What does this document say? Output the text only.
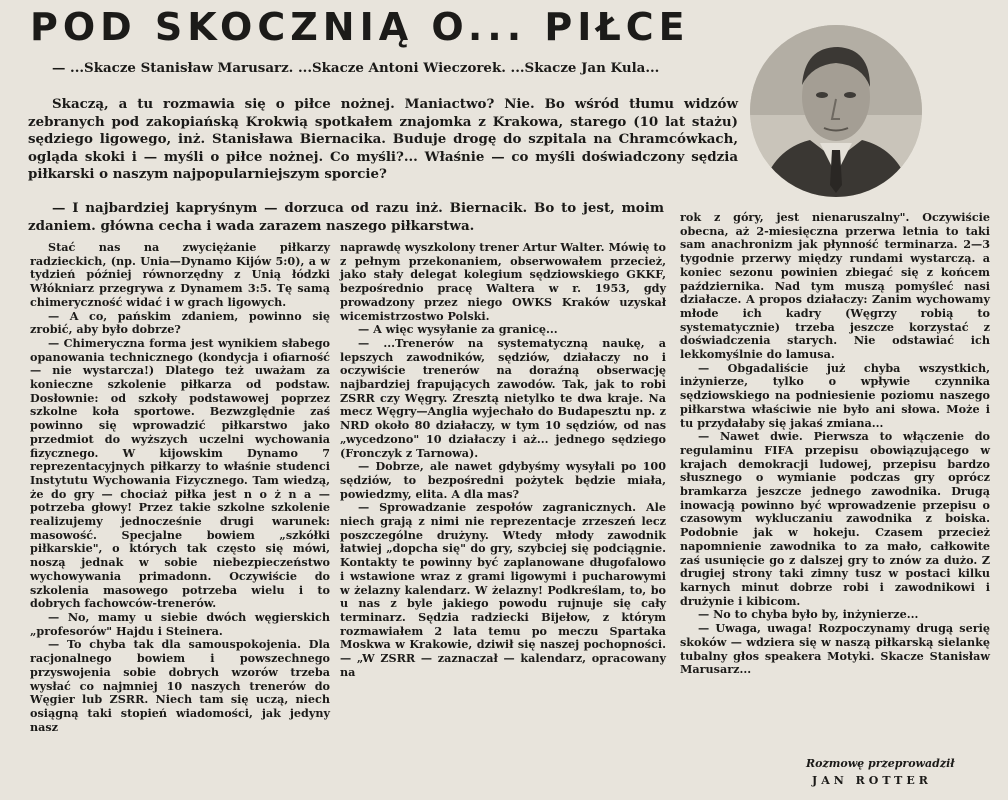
POD SKOCZNIĄ O... PIŁCE

— ...Skacze Stanisław Marusarz. ...Skacze Antoni Wieczorek. ...Skacze Jan Kula...

Skaczą, a tu rozmawia się o piłce nożnej. Maniactwo? Nie. Bo wśród tłumu widzów zebranych pod zakopiańską Krokwią spotkałem znajomka z Krakowa, starego (10 lat stażu) sędziego ligowego, inż. Stanisława Biernacika. Buduje drogę do szpitala na Chramcówkach, ogląda skoki i — myśli o piłce nożnej. Co myśli?... Właśnie — co myśli doświadczony sędzia piłkarski o naszym najpopularniejszym sporcie?

— I najbardziej kapryśnym — dorzuca od razu inż. Biernacik. Bo to jest, moim zdaniem. główna cecha i wada zarazem naszego piłkarstwa.

Stać nas na zwyciężanie piłkarzy radzieckich, (np. Unia—Dynamo Kijów 5:0), a w tydzień później równorzędny z Unią łódzki Włókniarz przegrywa z Dynamem 3:5. Tę samą chimeryczność widać i w grach ligowych.

— A co, pańskim zdaniem, powinno się zrobić, aby było dobrze?

— Chimeryczna forma jest wynikiem słabego opanowania technicznego (kondycja i ofiarność — nie wystarcza!) Dlatego też uważam za konieczne szkolenie piłkarza od podstaw. Dosłownie: od szkoły podstawowej poprzez szkolne koła sportowe. Bezwzględnie zaś powinno się wprowadzić piłkarstwo jako przedmiot do wyższych uczelni wychowania fizycznego. W kijowskim Dynamo 7 reprezentacyjnych piłkarzy to właśnie studenci Instytutu Wychowania Fizycznego. Tam wiedzą, że do gry — chociaż piłka jest n o ż n a — potrzeba głowy! Przez takie szkolne szkolenie realizujemy jednocześnie drugi warunek: masowość. Specjalne bowiem „szkółki piłkarskie", o których tak często się mówi, noszą jednak w sobie niebezpieczeństwo wychowywania primadonn. Oczywiście do szkolenia masowego potrzeba wielu i to dobrych fachowców-trenerów.

— No, mamy u siebie dwóch węgierskich „profesorów" Hajdu i Steinera.

— To chyba tak dla samouspokojenia. Dla racjonalnego bowiem i powszechnego przyswojenia sobie dobrych wzorów trzeba wysłać co najmniej 10 naszych trenerów do Węgier lub ZSRR. Niech tam się uczą, niech osiągną taki stopień wiadomości, jak jedyny nasz

naprawdę wyszkolony trener Artur Walter. Mówię to z pełnym przekonaniem, obserwowałem przecież, jako stały delegat kolegium sędziowskiego GKKF, bezpośrednio pracę Waltera w r. 1953, gdy prowadzony przez niego OWKS Kraków uzyskał wicemistrzostwo Polski.

— A więc wysyłanie za granicę...

— ...Trenerów na systematyczną naukę, a lepszych zawodników, sędziów, działaczy no i oczywiście trenerów na doraźną obserwację najbardziej frapujących zawodów. Tak, jak to robi ZSRR czy Węgry. Zresztą nietylko te dwa kraje. Na mecz Węgry—Anglia wyjechało do Budapesztu np. z NRD około 80 działaczy, w tym 10 sędziów, od nas „wycedzono" 10 działaczy i aż... jednego sędziego (Fronczyk z Tarnowa).

— Dobrze, ale nawet gdybyśmy wysyłali po 100 sędziów, to bezpośredni pożytek będzie miała, powiedzmy, elita. A dla mas?

— Sprowadzanie zespołów zagranicznych. Ale niech grają z nimi nie reprezentacje zrzeszeń lecz poszczególne drużyny. Wtedy młody zawodnik łatwiej „dopcha się" do gry, szybciej się podciągnie. Kontakty te powinny być zaplanowane długofalowo i wstawione wraz z grami ligowymi i pucharowymi w żelazny kalendarz. W żelazny! Podkreślam, to, bo u nas z byle jakiego powodu rujnuje się cały terminarz. Sędzia radziecki Bijełow, z którym rozmawiałem 2 lata temu po meczu Spartaka Moskwa w Krakowie, dziwił się naszej pochopności. — „W ZSRR — zaznaczał — kalendarz, opracowany na

rok z góry, jest nienaruszalny". Oczywiście obecna, aż 2-miesięczna przerwa letnia to taki sam anachronizm jak płynność terminarza. 2—3 tygodnie przerwy między rundami wystarczą. a koniec sezonu powinien zbiegać się z końcem października. Nad tym muszą pomyśleć nasi działacze. A propos działaczy: Zanim wychowamy młode ich kadry (Węgrzy robią to systematycznie) trzeba jeszcze korzystać z doświadczenia starych. Nie odstawiać ich lekkomyślnie do lamusa.

— Obgadaliście już chyba wszystkich, inżynierze, tylko o wpływie czynnika sędziowskiego na podniesienie poziomu naszego piłkarstwa właściwie nie było ani słowa. Może i tu przydałaby się jakaś zmiana...

— Nawet dwie. Pierwsza to włączenie do regulaminu FIFA przepisu obowiązującego w krajach demokracji ludowej, przepisu bardzo słusznego o wymianie podczas gry oprócz bramkarza jeszcze jednego zawodnika. Drugą inowacją powinno być wprowadzenie przepisu o czasowym wykluczaniu zawodnika z boiska. Podobnie jak w hokeju. Czasem przecież napomnienie zawodnika to za mało, całkowite zaś usunięcie go z dalszej gry to znów za dużo. Z drugiej strony taki zimny tusz w postaci kilku karnych minut dobrze robi i zawodnikowi i drużynie i kibicom.

— No to chyba było by, inżynierze...

— Uwaga, uwaga! Rozpoczynamy drugą serię skoków — wdziera się w naszą piłkarską sielankę tubalny głos speakera Motyki. Skacze Stanisław Marusarz...

Rozmowę przeprowadził

JAN ROTTER
